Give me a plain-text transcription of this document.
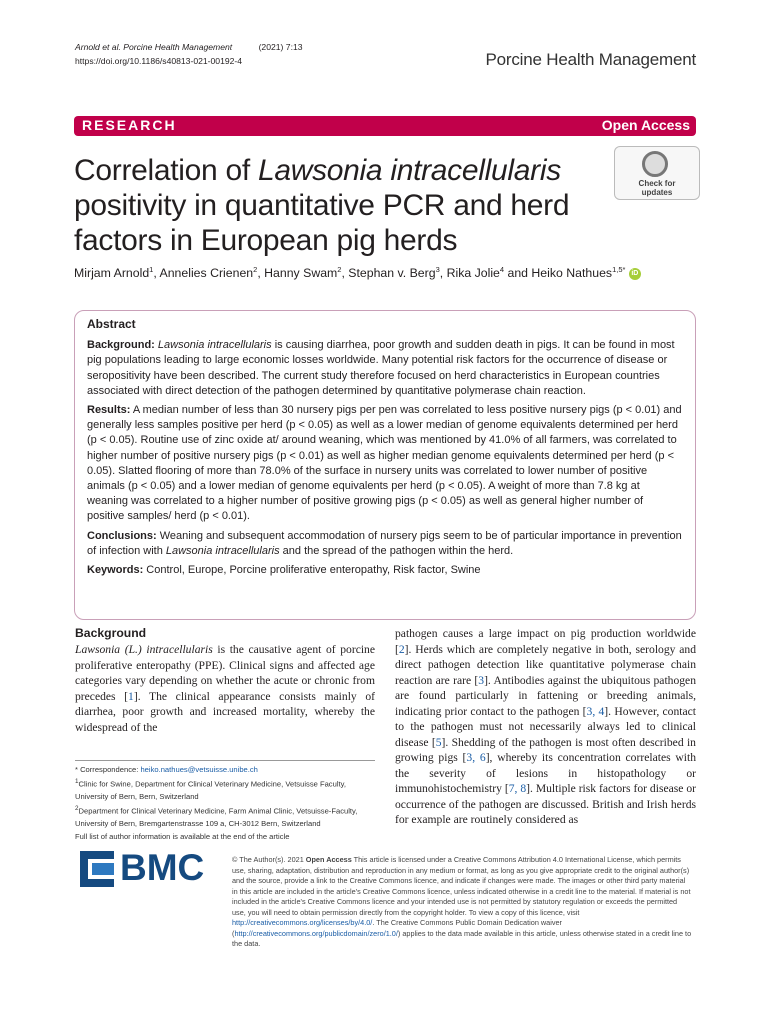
Arnold et al. Porcine Health Management	(2021) 7:13
https://doi.org/10.1186/s40813-021-00192-4	Porcine Health Management
RESEARCH	Open Access
Correlation of Lawsonia intracellularis positivity in quantitative PCR and herd factors in European pig herds
Check for
updates
Mirjam Arnold$^1$, Annelies Crienen$^2$, Hanny Swam$^2$, Stephan v. Berg$^3$, Rika Jolie$^4$ and Heiko Nathues$^{1,5*}$ iD

Abstract

Background: Lawsonia intracellularis is causing diarrhea, poor growth and sudden death in pigs. It can be found in most pig populations leading to large economic losses worldwide. Many potential risk factors for the occurrence of disease or seropositivity have been described. The current study therefore focused on herd characteristics in European countries associated with direct detection of the pathogen determined by quantitative polymerase chain reaction.

Results: A median number of less than 30 nursery pigs per pen was correlated to less positive nursery pigs (p < 0.01) and generally less samples positive per herd (p < 0.05) as well as a lower median of genome equivalents determined per herd (p < 0.05). Routine use of zinc oxide at/ around weaning, which was mentioned by 41.0% of all farmers, was correlated to higher number of positive nursery pigs (p < 0.01) as well as higher median genome equivalents determined per herd (p < 0.05). Slatted flooring of more than 78.0% of the surface in nursery units was correlated to lower number of positive animals (p < 0.05) and a lower median of genome equivalents per herd (p < 0.05). A weight of more than 7.8 kg at weaning was correlated to a higher number of positive growing pigs (p < 0.05) as well as general higher number of positive samples/ herd (p < 0.01).

Conclusions: Weaning and subsequent accommodation of nursery pigs seem to be of particular importance in prevention of infection with Lawsonia intracellularis and the spread of the pathogen within the herd.

Keywords: Control, Europe, Porcine proliferative enteropathy, Risk factor, Swine

Background

Lawsonia (L.) intracellularis is the causative agent of porcine proliferative enteropathy (PPE). Clinical signs and affected age categories vary depending on whether the acute or chronic from precedes [1]. The clinical appearance consists mainly of diarrhea, poor growth and increased mortality, whereby the widespread of the

pathogen causes a large impact on pig production worldwide [2]. Herds which are completely negative in both, serology and direct pathogen detection like quantitative polymerase chain reaction are rare [3]. Antibodies against the ubiquitous pathogen are found particularly in fattening or breeding animals, indicating prior contact to the pathogen [3, 4]. However, contact to the pathogen must not necessarily always led to clinical disease [5]. Shedding of the pathogen is most often described in growing pigs [3, 6], whereby its concentration correlates with the severity of lesions in histopathology or immunohistochemistry [7, 8]. Multiple risk factors for disease or occurrence of the pathogen are discussed. British and Irish herds for example are routinely considered as

* Correspondence: heiko.nathues@vetsuisse.unibe.ch
$^1$Clinic for Swine, Department for Clinical Veterinary Medicine, Vetsuisse Faculty, University of Bern, Bern, Switzerland
$^2$Department for Clinical Veterinary Medicine, Farm Animal Clinic, Vetsuisse-Faculty, University of Bern, Bremgartenstrasse 109 a, CH-3012 Bern, Switzerland
Full list of author information is available at the end of the article
BMC	© The Author(s). 2021 Open Access This article is licensed under a Creative Commons Attribution 4.0 International License, which permits use, sharing, adaptation, distribution and reproduction in any medium or format, as long as you give appropriate credit to the original author(s) and the source, provide a link to the Creative Commons licence, and indicate if changes were made. The images or other third party material in this article are included in the article's Creative Commons licence, unless indicated otherwise in a credit line to the material. If material is not included in the article's Creative Commons licence and your intended use is not permitted by statutory regulation or exceeds the permitted use, you will need to obtain permission directly from the copyright holder. To view a copy of this licence, visit http://creativecommons.org/licenses/by/4.0/. The Creative Commons Public Domain Dedication waiver (http://creativecommons.org/publicdomain/zero/1.0/) applies to the data made available in this article, unless otherwise stated in a credit line to the data.
